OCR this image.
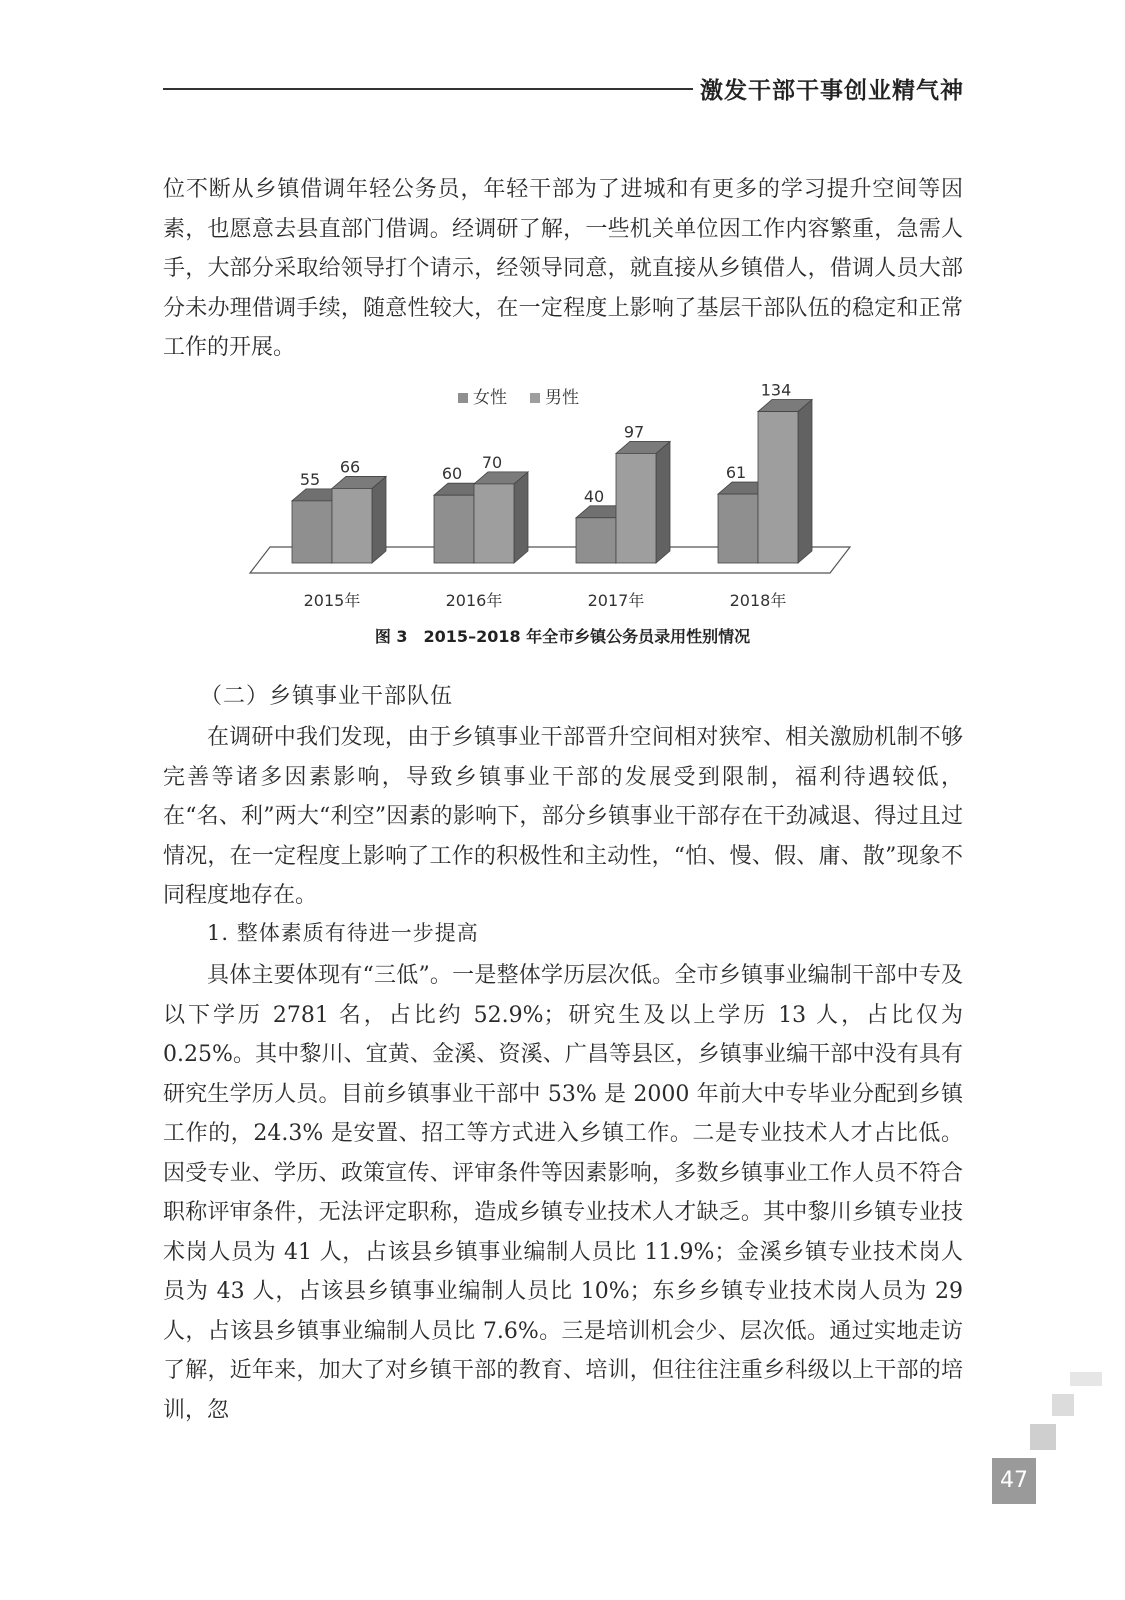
激发干部干事创业精气神

位不断从乡镇借调年轻公务员，年轻干部为了进城和有更多的学习提升空间等因素，也愿意去县直部门借调。经调研了解，一些机关单位因工作内容繁重，急需人手，大部分采取给领导打个请示，经领导同意，就直接从乡镇借人，借调人员大部分未办理借调手续，随意性较大，在一定程度上影响了基层干部队伍的稳定和正常工作的开展。

女性 男性
55
66	60
70
40
97
61
134
2015年	2016年	2017年	2018年
图 3　2015–2018 年全市乡镇公务员录用性别情况

（二）乡镇事业干部队伍

在调研中我们发现，由于乡镇事业干部晋升空间相对狭窄、相关激励机制不够完善等诸多因素影响，导致乡镇事业干部的发展受到限制，福利待遇较低，在“名、利”两大“利空”因素的影响下，部分乡镇事业干部存在干劲减退、得过且过情况，在一定程度上影响了工作的积极性和主动性，“怕、慢、假、庸、散”现象不同程度地存在。

1. 整体素质有待进一步提高

具体主要体现有“三低”。一是整体学历层次低。全市乡镇事业编制干部中专及以下学历 2781 名，占比约 52.9%；研究生及以上学历 13 人，占比仅为 0.25%。其中黎川、宜黄、金溪、资溪、广昌等县区，乡镇事业编干部中没有具有研究生学历人员。目前乡镇事业干部中 53% 是 2000 年前大中专毕业分配到乡镇工作的，24.3% 是安置、招工等方式进入乡镇工作。二是专业技术人才占比低。因受专业、学历、政策宣传、评审条件等因素影响，多数乡镇事业工作人员不符合职称评审条件，无法评定职称，造成乡镇专业技术人才缺乏。其中黎川乡镇专业技术岗人员为 41 人，占该县乡镇事业编制人员比 11.9%；金溪乡镇专业技术岗人员为 43 人，占该县乡镇事业编制人员比 10%；东乡乡镇专业技术岗人员为 29 人，占该县乡镇事业编制人员比 7.6%。三是培训机会少、层次低。通过实地走访了解，近年来，加大了对乡镇干部的教育、培训，但往往注重乡科级以上干部的培训，忽

47
